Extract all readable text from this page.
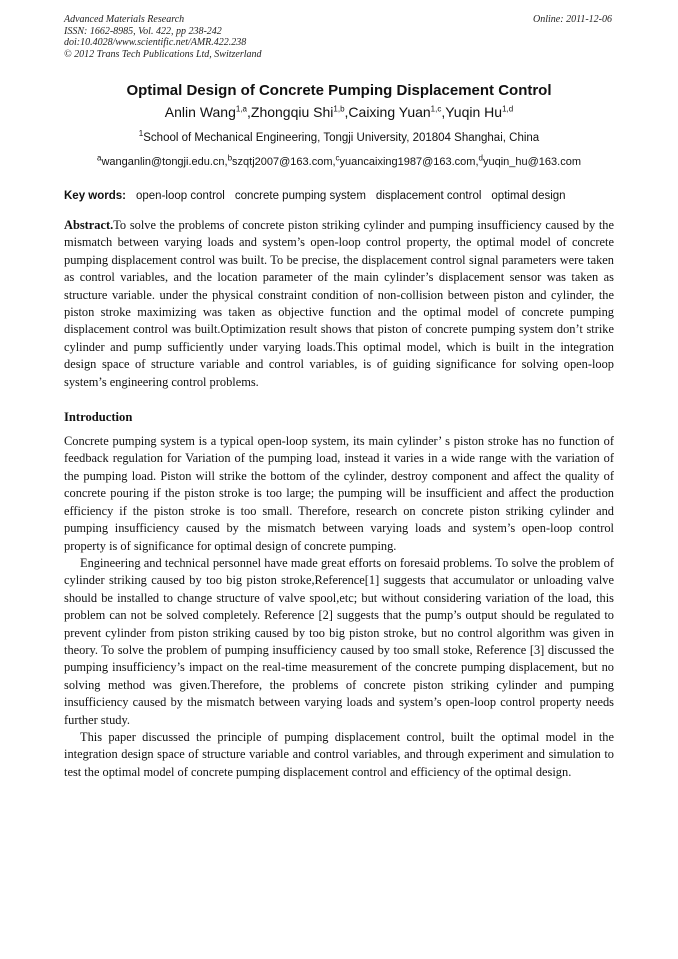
Advanced Materials Research
ISSN: 1662-8985, Vol. 422, pp 238-242
doi:10.4028/www.scientific.net/AMR.422.238
© 2012 Trans Tech Publications Ltd, Switzerland
Online: 2011-12-06
Optimal Design of Concrete Pumping Displacement Control
Anlin Wang$^{1,a}$,Zhongqiu Shi$^{1,b}$,Caixing Yuan$^{1,c}$,Yuqin Hu$^{1,d}$
$^1$School of Mechanical Engineering, Tongji University, 201804 Shanghai, China
$^a$wanganlin@tongji.edu.cn,$^b$szqtj2007@163.com,$^c$yuancaixing1987@163.com,$^d$yuqin_hu@163.com
Key words: open-loop control concrete pumping system displacement control optimal design
Abstract.To solve the problems of concrete piston striking cylinder and pumping insufficiency caused by the mismatch between varying loads and system’s open-loop control property, the optimal model of concrete pumping displacement control was built. To be precise, the displacement control signal parameters were taken as control variables, and the location parameter of the main cylinder’s displacement sensor was taken as structure variable. under the physical constraint condition of non-collision between piston and cylinder, the piston stroke maximizing was taken as objective function and the optimal model of concrete pumping displacement control was built.Optimization result shows that piston of concrete pumping system don’t strike cylinder and pump sufficiently under varying loads.This optimal model, which is built in the integration design space of structure variable and control variables, is of guiding significance for solving open-loop system’s engineering control problems.
Introduction
Concrete pumping system is a typical open-loop system, its main cylinder’ s piston stroke has no function of feedback regulation for Variation of the pumping load, instead it varies in a wide range with the variation of the pumping load. Piston will strike the bottom of the cylinder, destroy component and affect the quality of concrete pouring if the piston stroke is too large; the pumping will be insufficient and affect the production efficiency if the piston stroke is too small. Therefore, research on concrete piston striking cylinder and pumping insufficiency caused by the mismatch between varying loads and system’s open-loop control property is of significance for optimal design of concrete pumping.
Engineering and technical personnel have made great efforts on foresaid problems. To solve the problem of cylinder striking caused by too big piston stroke,Reference[1] suggests that accumulator or unloading valve should be installed to change structure of valve spool,etc; but without considering variation of the load, this problem can not be solved completely. Reference [2] suggests that the pump’s output should be regulated to prevent cylinder from piston striking caused by too big piston stroke, but no control algorithm was given in theory. To solve the problem of pumping insufficiency caused by too small stoke, Reference [3] discussed the pumping insufficiency’s impact on the real-time measurement of the concrete pumping displacement, but no solving method was given.Therefore, the problems of concrete piston striking cylinder and pumping insufficiency caused by the mismatch between varying loads and system’s open-loop control property needs further study.
This paper discussed the principle of pumping displacement control, built the optimal model in the integration design space of structure variable and control variables, and through experiment and simulation to test the optimal model of concrete pumping displacement control and efficiency of the optimal design.
